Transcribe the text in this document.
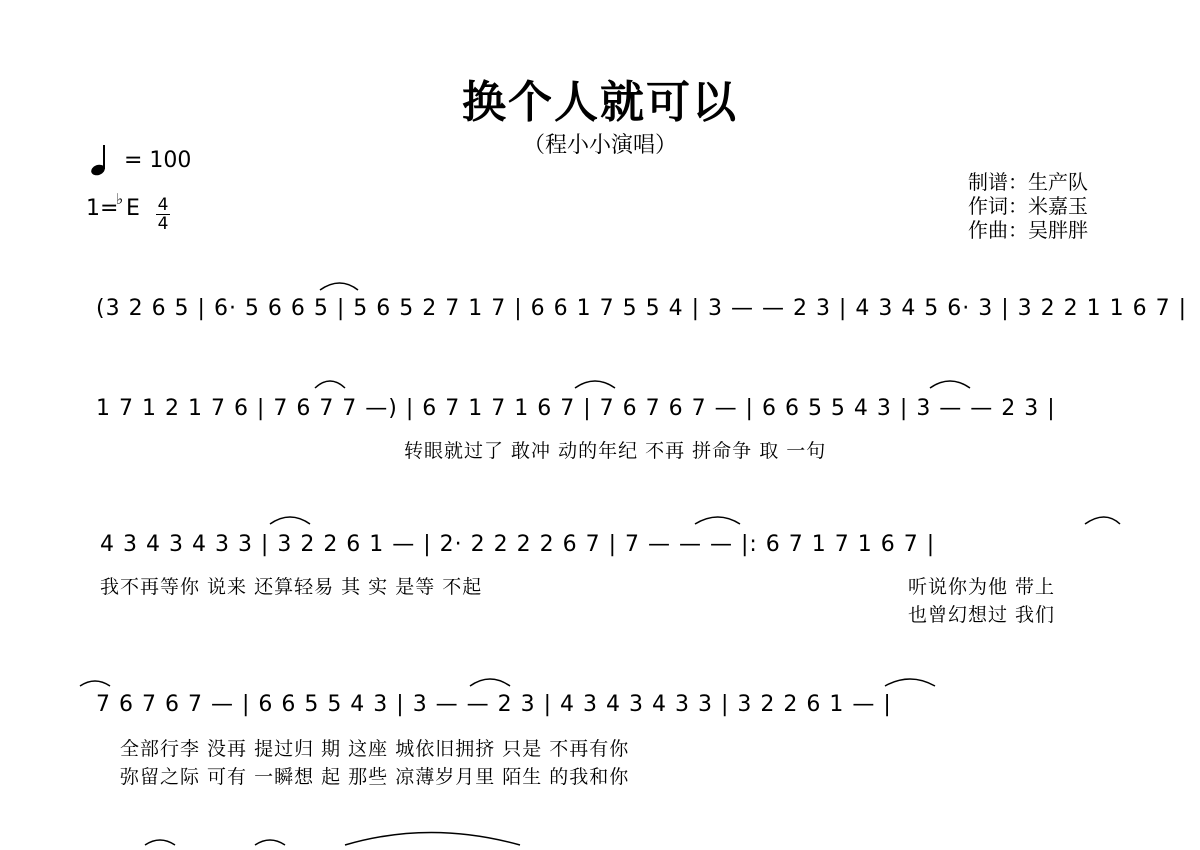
换个人就可以
（程小小演唱）
= 100
1=
♭ E 4
4
制谱：生产队
作词：米嘉玉
作曲：吴胖胖
(3 2 6 5 | 6· 5 6 6 5 | 5 6 5 2 7 1 7 | 6 6 1 7 5 5 4 | 3 — — 2 3 | 4 3 4 5 6· 3 | 3 2 2 1 1 6 7 |
1 7 1 2 1 7 6 | 7 6 7 7 —) | 6 7 1 7 1 6 7 | 7 6 7 6 7 — | 6 6 5 5 4 3 | 3 — — 2 3 |
转眼就过了 敢冲 动的年纪 不再 拼命争 取 一句
4 3 4 3 4 3 3 | 3 2 2 6 1 — | 2· 2 2 2 2 6 7 | 7 — — — |: 6 7 1 7 1 6 7 |
我不再等你 说来 还算轻易 其 实 是等 不起	听说你为他 带上
也曾幻想过 我们
7 6 7 6 7 — | 6 6 5 5 4 3 | 3 — — 2 3 | 4 3 4 3 4 3 3 | 3 2 2 6 1 — |
全部行李 没再 提过归 期 这座 城依旧拥挤 只是 不再有你
弥留之际 可有 一瞬想 起 那些 凉薄岁月里 陌生 的我和你
